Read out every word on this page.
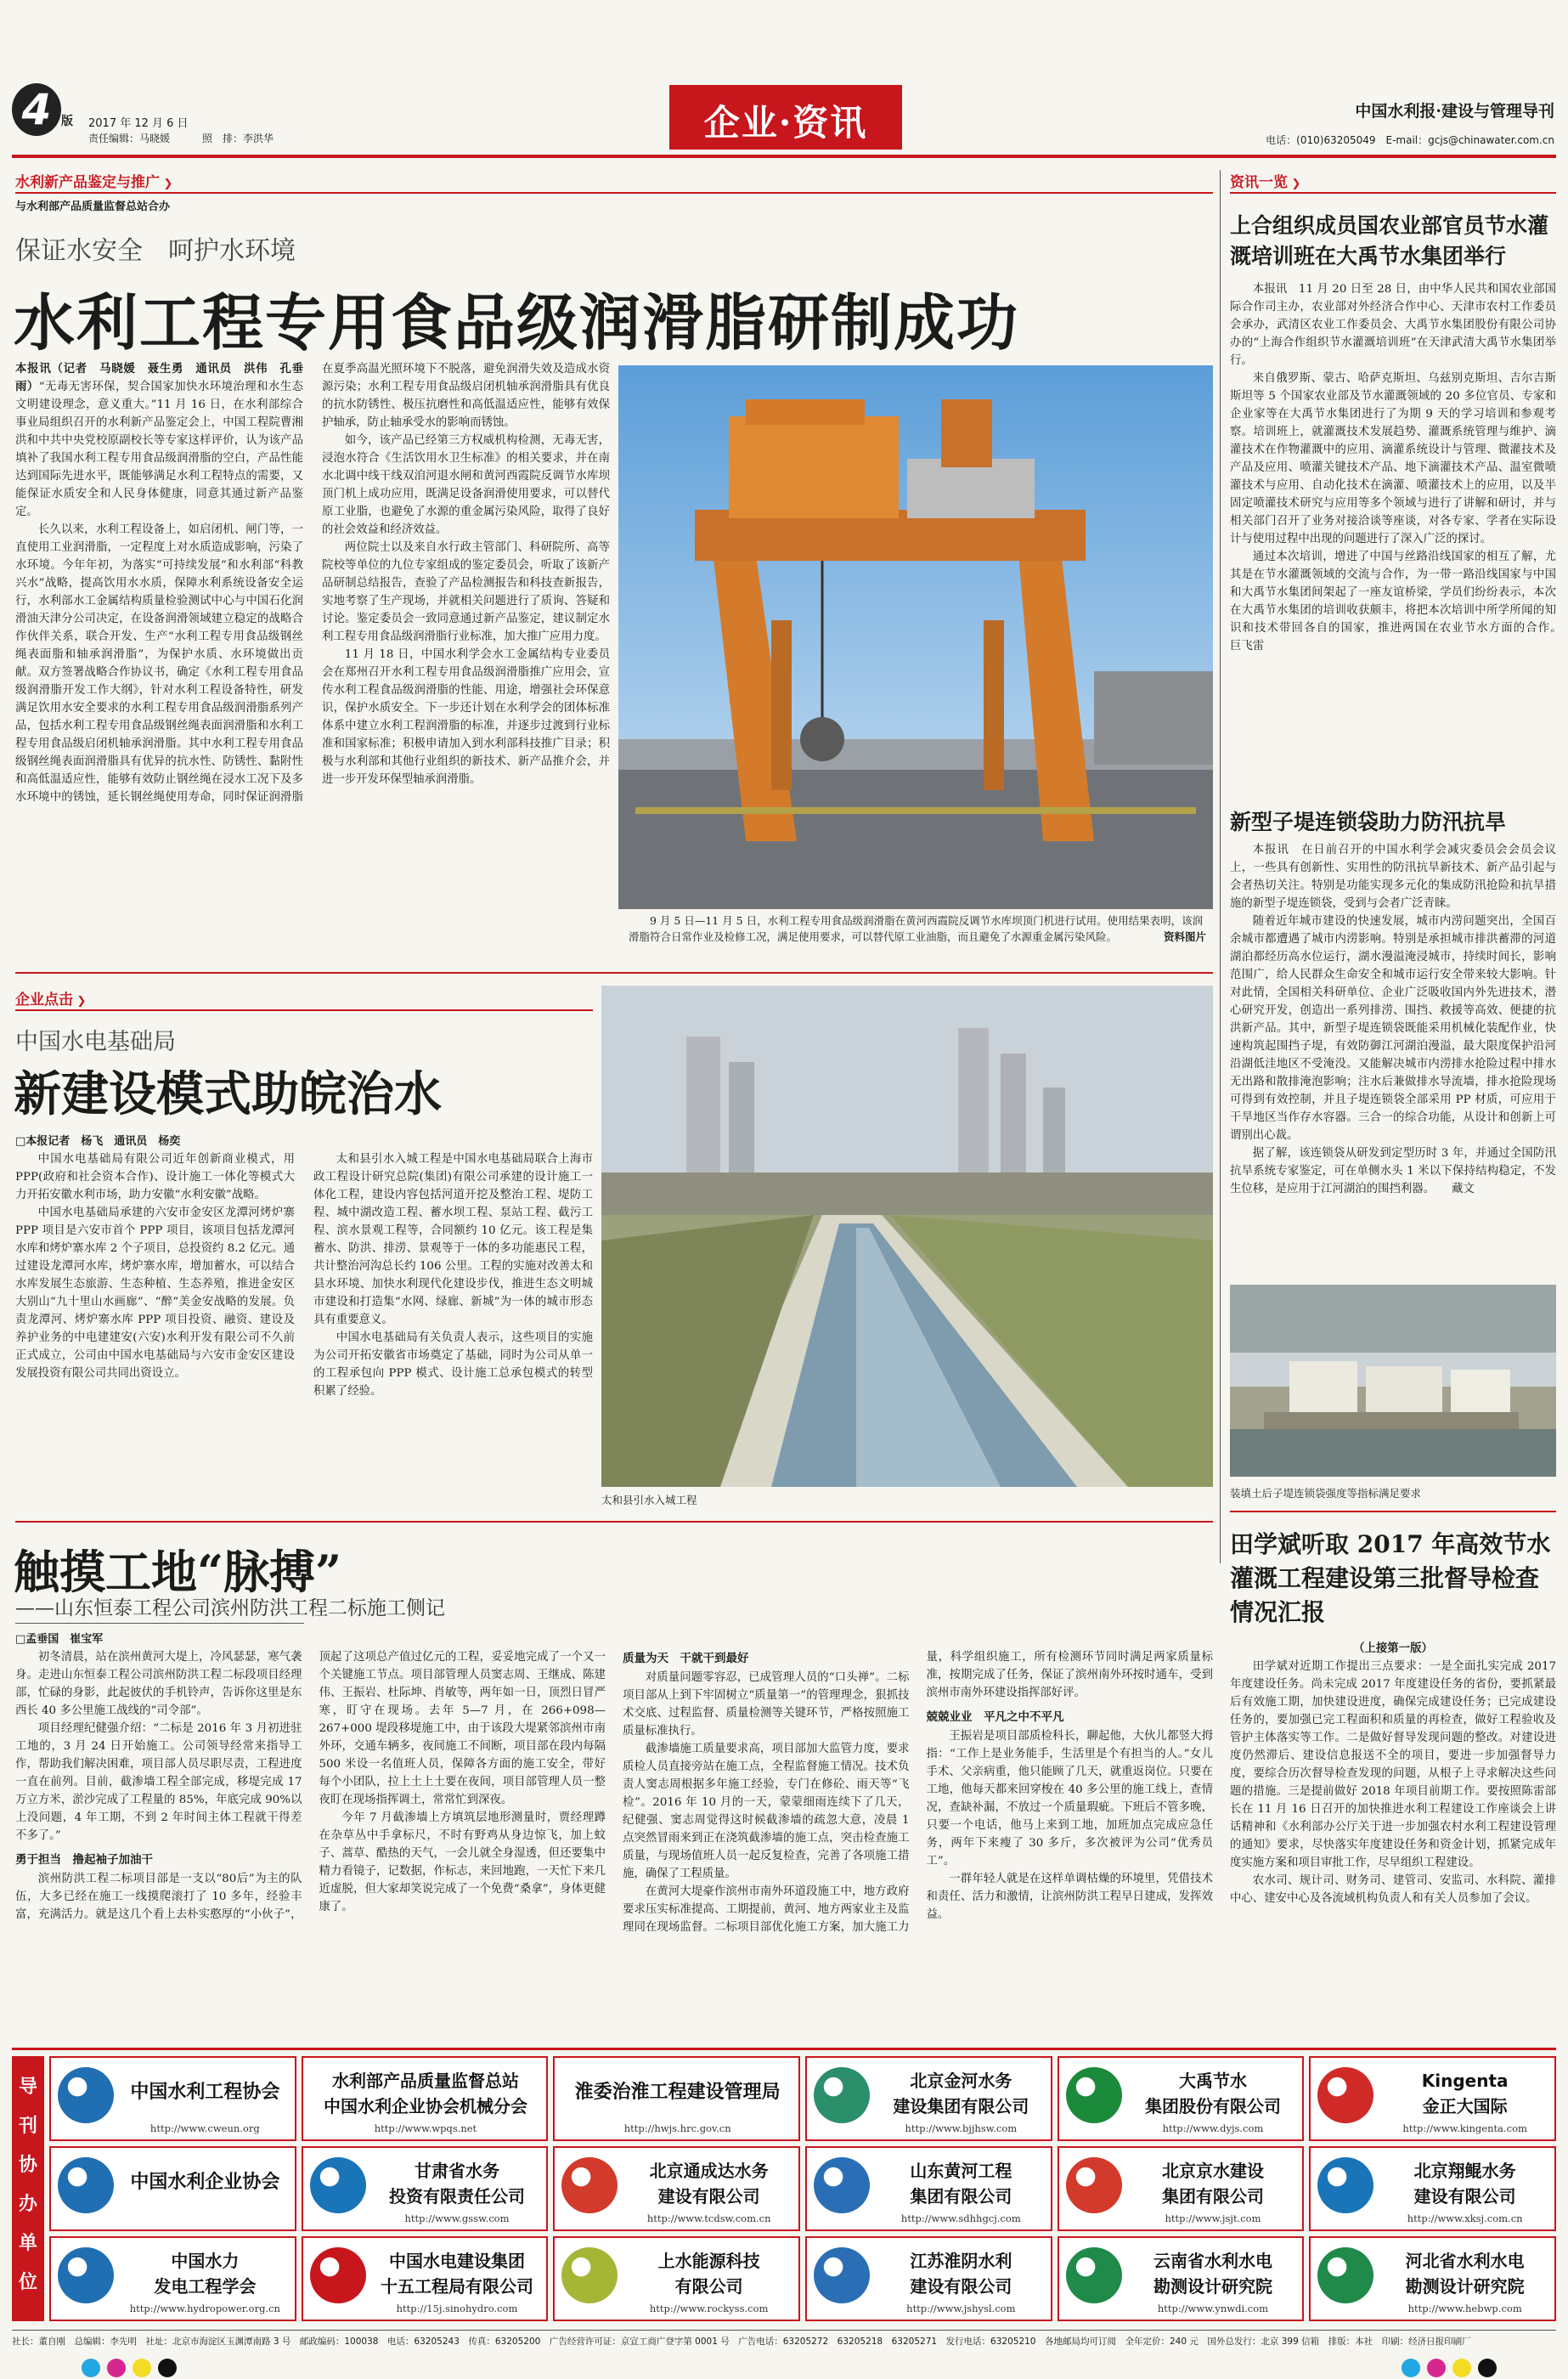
4 版 2017 年 12 月 6 日
责任编辑：马晓媛	照　排：李洪华	企业·资讯	中国水利报·建设与管理导刊
电话：(010)63205049　E-mail：gcjs@chinawater.com.cn
水利新产品鉴定与推广 ❯
与水利部产品质量监督总站合办
保证水安全　呵护水环境
水利工程专用食品级润滑脂研制成功

本报讯（记者　马晓媛　聂生勇　通讯员　洪伟　孔垂雨）“无毒无害环保，契合国家加快水环境治理和水生态文明建设理念，意义重大。”11 月 16 日，在水利部综合事业局组织召开的水利新产品鉴定会上，中国工程院曹湘洪和中共中央党校原副校长等专家这样评价，认为该产品填补了我国水利工程专用食品级润滑脂的空白，产品性能达到国际先进水平，既能够满足水利工程特点的需要，又能保证水质安全和人民身体健康，同意其通过新产品鉴定。

长久以来，水利工程设备上，如启闭机、闸门等，一直使用工业润滑脂，一定程度上对水质造成影响，污染了水环境。今年年初，为落实“可持续发展”和水利部“科教兴水”战略，提高饮用水水质，保障水利系统设备安全运行，水利部水工金属结构质量检验测试中心与中国石化润滑油天津分公司决定，在设备润滑领域建立稳定的战略合作伙伴关系，联合开发、生产“水利工程专用食品级钢丝绳表面脂和轴承润滑脂”，为保护水质、水环境做出贡献。双方签署战略合作协议书，确定《水利工程专用食品级润滑脂开发工作大纲》，针对水利工程设备特性，研发满足饮用水安全要求的水利工程专用食品级润滑脂系列产品，包括水利工程专用食品级钢丝绳表面润滑脂和水利工程专用食品级启闭机轴承润滑脂。其中水利工程专用食品级钢丝绳表面润滑脂具有优异的抗水性、防锈性、黏附性和高低温适应性，能够有效防止钢丝绳在浸水工况下及多水环境中的锈蚀，延长钢丝绳使用寿命，同时保证润滑脂在夏季高温光照环境下不脱落，避免润滑失效及造成水资源污染；水利工程专用食品级启闭机轴承润滑脂具有优良的抗水防锈性、极压抗磨性和高低温适应性，能够有效保护轴承，防止轴承受水的影响而锈蚀。

如今，该产品已经第三方权威机构检测，无毒无害，浸泡水符合《生活饮用水卫生标准》的相关要求，并在南水北调中线干线双洎河退水闸和黄河西霞院反调节水库坝顶门机上成功应用，既满足设备润滑使用要求，可以替代原工业脂，也避免了水源的重金属污染风险，取得了良好的社会效益和经济效益。

两位院士以及来自水行政主管部门、科研院所、高等院校等单位的九位专家组成的鉴定委员会，听取了该新产品研制总结报告，查验了产品检测报告和科技查新报告，实地考察了生产现场，并就相关问题进行了质询、答疑和讨论。鉴定委员会一致同意通过新产品鉴定，建议制定水利工程专用食品级润滑脂行业标准，加大推广应用力度。

11 月 18 日，中国水利学会水工金属结构专业委员会在郑州召开水利工程专用食品级润滑脂推广应用会，宣传水利工程食品级润滑脂的性能、用途，增强社会环保意识，保护水质安全。下一步还计划在水利学会的团体标准体系中建立水利工程润滑脂的标准，并逐步过渡到行业标准和国家标准；积极申请加入到水利部科技推广目录；积极与水利部和其他行业组织的新技术、新产品推介会，并进一步开发环保型轴承润滑脂。

9 月 5 日—11 月 5 日，水利工程专用食品级润滑脂在黄河西霞院反调节水库坝顶门机进行试用。使用结果表明，该润滑脂符合日常作业及检修工况，满足使用要求，可以替代原工业油脂，而且避免了水源重金属污染风险。	资料图片
企业点击 ❯
中国水电基础局
新建设模式助皖治水
□本报记者　杨飞　通讯员　杨奕

中国水电基础局有限公司近年创新商业模式，用 PPP(政府和社会资本合作)、设计施工一体化等模式大力开拓安徽水利市场，助力安徽“水利安徽”战略。

中国水电基础局承建的六安市金安区龙潭河烤炉寨 PPP 项目是六安市首个 PPP 项目，该项目包括龙潭河水库和烤炉寨水库 2 个子项目，总投资约 8.2 亿元。通过建设龙潭河水库，烤炉寨水库，增加蓄水，可以结合水库发展生态旅游、生态种植、生态养殖，推进金安区大别山“九十里山水画廊”、“醉”美金安战略的发展。负责龙潭河、烤炉寨水库 PPP 项目投资、融资、建设及养护业务的中电建建安(六安)水利开发有限公司不久前正式成立，公司由中国水电基础局与六安市金安区建设发展投资有限公司共同出资设立。

太和县引水入城工程是中国水电基础局联合上海市政工程设计研究总院(集团)有限公司承建的设计施工一体化工程，建设内容包括河道开挖及整治工程、堤防工程、城中湖改造工程、蓄水坝工程、泵站工程、截污工程、滨水景观工程等，合同额约 10 亿元。该工程是集蓄水、防洪、排涝、景观等于一体的多功能惠民工程，共计整治河沟总长约 106 公里。工程的实施对改善太和县水环境、加快水利现代化建设步伐，推进生态文明城市建设和打造集“水网、绿廊、新城”为一体的城市形态具有重要意义。

中国水电基础局有关负责人表示，这些项目的实施为公司开拓安徽省市场奠定了基础，同时为公司从单一的工程承包向 PPP 模式、设计施工总承包模式的转型积累了经验。

太和县引水入城工程
触摸工地“脉搏”
——山东恒泰工程公司滨州防洪工程二标施工侧记
□孟垂国　崔宝军

初冬清晨，站在滨州黄河大堤上，冷风瑟瑟，寒气袭身。走进山东恒泰工程公司滨州防洪工程二标段项目经理部，忙碌的身影，此起彼伏的手机铃声，告诉你这里是东西长 40 多公里施工战线的“司令部”。

项目经理纪健强介绍：“二标是 2016 年 3 月初进驻工地的，3 月 24 日开始施工。公司领导经常来指导工作，帮助我们解决困难，项目部人员尽职尽责，工程进度一直在前列。目前，截渗墙工程全部完成，移堤完成 17 万立方米，淤沙完成了工程量的 85%，年底完成 90%以上没问题，4 年工期，不到 2 年时间主体工程就干得差不多了。”

勇于担当　撸起袖子加油干

滨州防洪工程二标项目部是一支以“80后”为主的队伍，大多已经在施工一线摸爬滚打了 10 多年，经验丰富，充满活力。就是这几个看上去朴实憨厚的“小伙子”，顶起了这项总产值过亿元的工程，妥妥地完成了一个又一个关键施工节点。项目部管理人员窦志周、王继成、陈建伟、王振岩、杜际坤、肖敏等，两年如一日，顶烈日冒严寒，盯守在现场。去年 5—7 月，在 266+098—267+000 堤段移堤施工中，由于该段大堤紧邻滨州市南外环，交通车辆多，夜间施工不间断，项目部在段内每隔 500 米设一名值班人员，保障各方面的施工安全，带好每个小团队，拉上土上土要在夜间，项目部管理人员一整夜盯在现场指挥调土，常常忙到深夜。

今年 7 月截渗墙上方填筑层地形测量时，贾经理蹲在杂草丛中手拿标尺，不时有野鸡从身边惊飞，加上蚊子、蒿草、酷热的天气，一会儿就全身湿透，但还要集中精力看镜子，记数据，作标志，来回地跑，一天忙下来几近虚脱，但大家却笑说完成了一个免费“桑拿”，身体更健康了。

质量为天　干就干到最好

对质量问题零容忍，已成管理人员的“口头禅”。二标项目部从上到下牢固树立“质量第一”的管理理念，狠抓技术交底、过程监督、质量检测等关键环节，严格按照施工质量标准执行。

截渗墙施工质量要求高，项目部加大监管力度，要求质检人员直接旁站在施工点，全程监督施工情况。技术负责人窦志周根据多年施工经验，专门在修砼、雨天等“飞检”。2016 年 10 月的一天，蒙蒙细雨连续下了几天，纪健强、窦志周觉得这时候截渗墙的疏忽大意，凌晨 1 点突然冒雨来到正在浇筑截渗墙的施工点，突击检查施工质量，与现场值班人员一起反复检查，完善了各项施工措施，确保了工程质量。

在黄河大堤豪作滨州市南外环道段施工中，地方政府要求压实标准提高、工期提前，黄河、地方两家业主及监理同在现场监督。二标项目部优化施工方案，加大施工力量，科学组织施工，所有检测环节同时满足两家质量标准，按期完成了任务，保证了滨州南外环按时通车，受到滨州市南外环建设指挥部好评。

兢兢业业　平凡之中不平凡

王振岩是项目部质检科长，聊起他，大伙儿都竖大拇指：“工作上是业务能手，生活里是个有担当的人。”女儿手术、父亲病重，他只能顾了几天，就重返岗位。只要在工地，他每天都来回穿梭在 40 多公里的施工线上，查情况，查缺补漏，不放过一个质量瑕疵。下班后不管多晚，只要一个电话，他马上来到工地，加班加点完成应急任务，两年下来瘦了 30 多斤，多次被评为公司“优秀员工”。

一群年轻人就是在这样单调枯燥的环境里，凭借技术和责任、活力和激情，让滨州防洪工程早日建成，发挥效益。

资讯一览 ❯
上合组织成员国农业部官员节水灌溉培训班在大禹节水集团举行

本报讯　11 月 20 日至 28 日，由中华人民共和国农业部国际合作司主办，农业部对外经济合作中心、天津市农村工作委员会承办，武清区农业工作委员会、大禹节水集团股份有限公司协办的“上海合作组织节水灌溉培训班”在天津武清大禹节水集团举行。

来自俄罗斯、蒙古、哈萨克斯坦、乌兹别克斯坦、吉尔吉斯斯坦等 5 个国家农业部及节水灌溉领域的 20 多位官员、专家和企业家等在大禹节水集团进行了为期 9 天的学习培训和参观考察。培训班上，就灌溉技术发展趋势、灌溉系统管理与维护、滴灌技术在作物灌溉中的应用、滴灌系统设计与管理、微灌技术及产品及应用、喷灌关键技术产品、地下滴灌技术产品、温室微喷灌技术与应用、自动化技术在滴灌、喷灌技术上的应用，以及半固定喷灌技术研究与应用等多个领域与进行了讲解和研讨，并与相关部门召开了业务对接洽谈等座谈，对各专家、学者在实际设计与使用过程中出现的问题进行了深入广泛的探讨。

通过本次培训，增进了中国与丝路沿线国家的相互了解，尤其是在节水灌溉领域的交流与合作，为一带一路沿线国家与中国和大禹节水集团间架起了一座友谊桥梁，学员们纷纷表示，本次在大禹节水集团的培训收获颇丰，将把本次培训中所学所闻的知识和技术带回各自的国家，推进两国在农业节水方面的合作。　　巨飞雷

新型子堤连锁袋助力防汛抗旱

本报讯　在日前召开的中国水利学会减灾委员会会员会议上，一些具有创新性、实用性的防汛抗旱新技术、新产品引起与会者热切关注。特别是功能实现多元化的集成防汛抢险和抗旱措施的新型子堤连锁袋，受到与会者广泛青睐。

随着近年城市建设的快速发展，城市内涝问题突出，全国百余城市都遭遇了城市内涝影响。特别是承担城市排洪蓄滞的河道湖泊都经历高水位运行，湖水漫溢淹浸城市，持续时间长，影响范围广，给人民群众生命安全和城市运行安全带来较大影响。针对此情，全国相关科研单位、企业广泛吸收国内外先进技术，潜心研究开发，创造出一系列排涝、围挡、救援等高效、便捷的抗洪新产品。其中，新型子堤连锁袋既能采用机械化装配作业，快速构筑起围挡子堤，有效防御江河湖泊漫溢，最大限度保护沿河沿湖低洼地区不受淹没。又能解决城市内涝排水抢险过程中排水无出路和散排淹泡影响；注水后兼做排水导流墙，排水抢险现场可得到有效控制，并且子堤连锁袋全部采用 PP 材质，可应用于干旱地区当作存水容器。三合一的综合功能，从设计和创新上可谓别出心裁。

据了解，该连锁袋从研发到定型历时 3 年，并通过全国防汛抗旱系统专家鉴定，可在单侧水头 1 米以下保持结构稳定，不发生位移，是应用于江河湖泊的围挡利器。　　藏文

装填土后子堤连锁袋强度等指标满足要求
田学斌听取 2017 年高效节水灌溉工程建设第三批督导检查情况汇报

（上接第一版）

田学斌对近期工作提出三点要求：一是全面扎实完成 2017 年度建设任务。尚未完成 2017 年度建设任务的省份，要抓紧最后有效施工期，加快建设进度，确保完成建设任务；已完成建设任务的，要加强已完工程面积和质量的再检查，做好工程验收及管护主体落实等工作。二是做好督导发现问题的整改。对建设进度仍然滞后、建设信息报送不全的项目，要进一步加强督导力度，要综合历次督导检查发现的问题，从根子上寻求解决这些问题的措施。三是提前做好 2018 年项目前期工作。要按照陈雷部长在 11 月 16 日召开的加快推进水利工程建设工作座谈会上讲话精神和《水利部办公厅关于进一步加强农村水利工程建设管理的通知》要求，尽快落实年度建设任务和资金计划，抓紧完成年度实施方案和项目审批工作，尽早组织工程建设。

农水司、规计司、财务司、建管司、安监司、水科院、灌排中心、建安中心及各流域机构负责人和有关人员参加了会议。

导刊协办单位
中国水利工程协会
http://www.cweun.org
水利部产品质量监督总站
中国水利企业协会机械分会
http://www.wpqs.net
淮委治淮工程建设管理局
http://hwjs.hrc.gov.cn
北京金河水务
建设集团有限公司
http://www.bjjhsw.com
大禹节水
集团股份有限公司
http://www.dyjs.com
Kingenta
金正大国际
http://www.kingenta.com
中国水利企业协会
甘肃省水务
投资有限责任公司
http://www.gssw.com
北京通成达水务
建设有限公司
http://www.tcdsw.com.cn
山东黄河工程
集团有限公司
http://www.sdhhgcj.com
北京京水建设
集团有限公司
http://www.jsjt.com
北京翔鲲水务
建设有限公司
http://www.xksj.com.cn
中国水力
发电工程学会
http://www.hydropower.org.cn
中国水电建设集团
十五工程局有限公司
http://15j.sinohydro.com
上水能源科技
有限公司
http://www.rockyss.com
江苏淮阴水利
建设有限公司
http://www.jshysl.com
云南省水利水电
勘测设计研究院
http://www.ynwdi.com
河北省水利水电
勘测设计研究院
http://www.hebwp.com
社长：董自刚　总编辑：李先明　社址：北京市海淀区玉渊潭南路 3 号　邮政编码：100038　电话：63205243　传真：63205200　广告经营许可证：京宣工商广登字第 0001 号　广告电话：63205272　63205218　63205271　发行电话：63205210　各地邮局均可订阅　全年定价：240 元　国外总发行：北京 399 信箱　排版：本社　印刷：经济日报印刷厂
